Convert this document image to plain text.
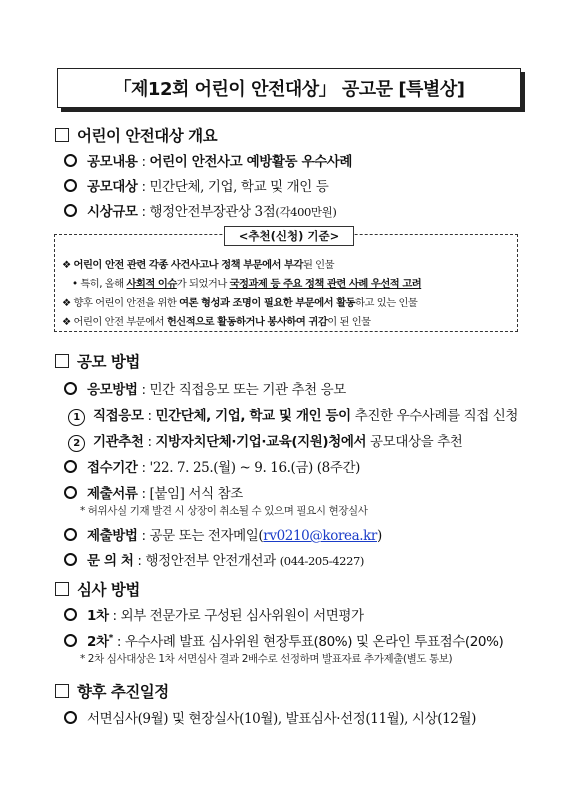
「제12회 어린이 안전대상」 공고문 [특별상]
어린이 안전대상 개요
공모내용 : 어린이 안전사고 예방활동 우수사례
공모대상 : 민간단체, 기업, 학교 및 개인 등
시상규모 : 행정안전부장관상 3점(각400만원)
<추천(신청) 기준>
❖ 어린이 안전 관련 각종 사건사고나 정책 부문에서 부각된 인물
• 특히, 올해 사회적 이슈가 되었거나 국정과제 등 주요 정책 관련 사례 우선적 고려
❖ 향후 어린이 안전을 위한 여론 형성과 조명이 필요한 부문에서 활동하고 있는 인물
❖ 어린이 안전 부문에서 헌신적으로 활동하거나 봉사하여 귀감이 된 인물
공모 방법
응모방법 : 민간 직접응모 또는 기관 추천 응모
1 직접응모 : 민간단체, 기업, 학교 및 개인 등이 추진한 우수사례를 직접 신청
2 기관추천 : 지방자치단체·기업·교육(지원)청에서 공모대상을 추천
접수기간 : '22. 7. 25.(월) ~ 9. 16.(금) (8주간)
제출서류 : [붙임] 서식 참조
* 허위사실 기재 발견 시 상장이 취소될 수 있으며 필요시 현장실사
제출방법 : 공문 또는 전자메일(rv0210@korea.kr)
문 의 처 : 행정안전부 안전개선과 (044-205-4227)
심사 방법
1차 : 외부 전문가로 구성된 심사위원이 서면평가
2차* : 우수사례 발표 심사위원 현장투표(80%) 및 온라인 투표점수(20%)
* 2차 심사대상은 1차 서면심사 결과 2배수로 선정하며 발표자료 추가제출(별도 통보)
향후 추진일정
서면심사(9월) 및 현장실사(10월), 발표심사·선정(11월), 시상(12월)
